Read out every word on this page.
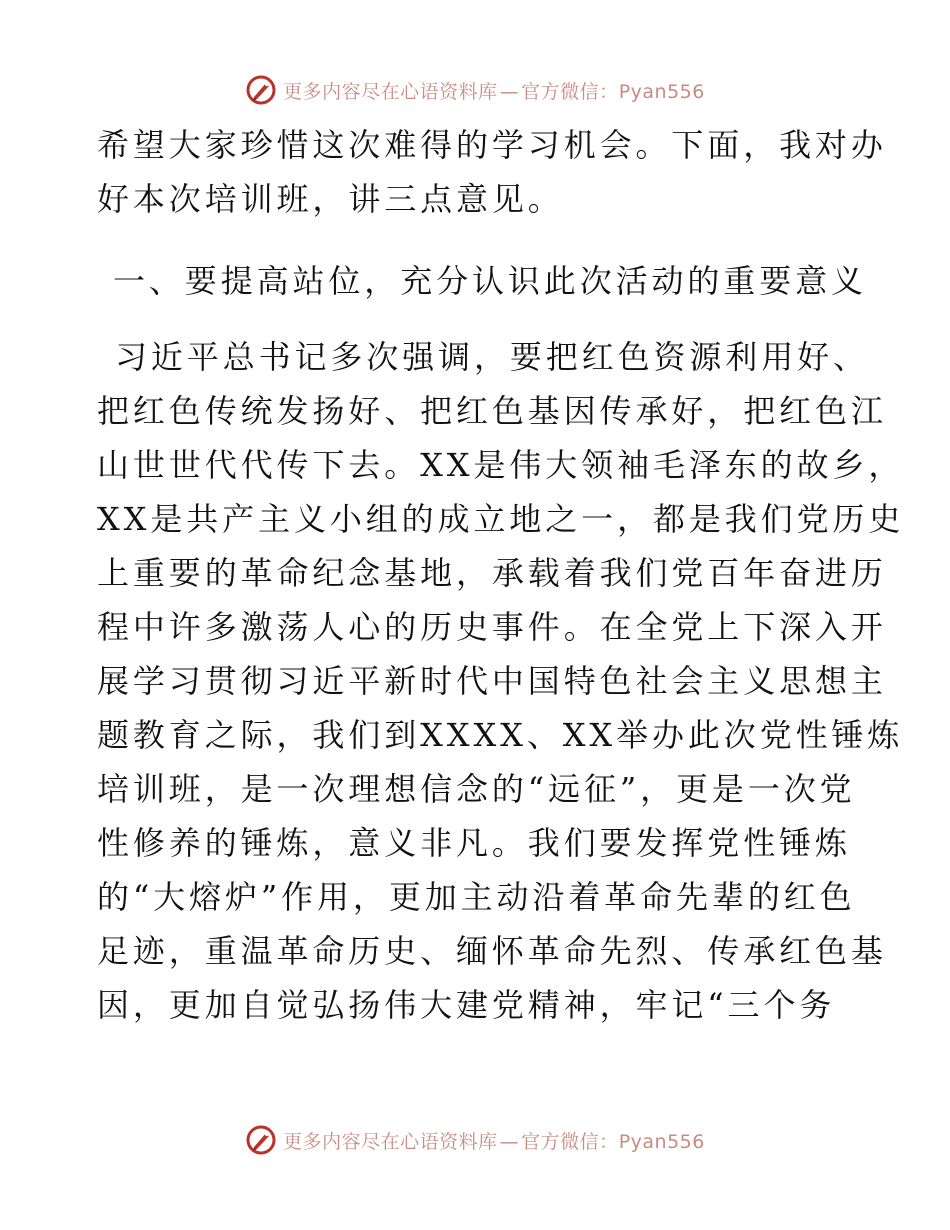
更多内容尽在心语资料库 — 官方微信：Pyan556
希望大家珍惜这次难得的学习机会。下面，我对办
好本次培训班，讲三点意见。
一、要提高站位，充分认识此次活动的重要意义
习近平总书记多次强调，要把红色资源利用好、
把红色传统发扬好、把红色基因传承好，把红色江
山世世代代传下去。XX是伟大领袖毛泽东的故乡，
XX是共产主义小组的成立地之一，都是我们党历史
上重要的革命纪念基地，承载着我们党百年奋进历
程中许多激荡人心的历史事件。在全党上下深入开
展学习贯彻习近平新时代中国特色社会主义思想主
题教育之际，我们到XXXX、XX举办此次党性锤炼
培训班，是一次理想信念的“远征”，更是一次党
性修养的锤炼，意义非凡。我们要发挥党性锤炼
的“大熔炉”作用，更加主动沿着革命先辈的红色
足迹，重温革命历史、缅怀革命先烈、传承红色基
因，更加自觉弘扬伟大建党精神，牢记“三个务
更多内容尽在心语资料库 — 官方微信：Pyan556
